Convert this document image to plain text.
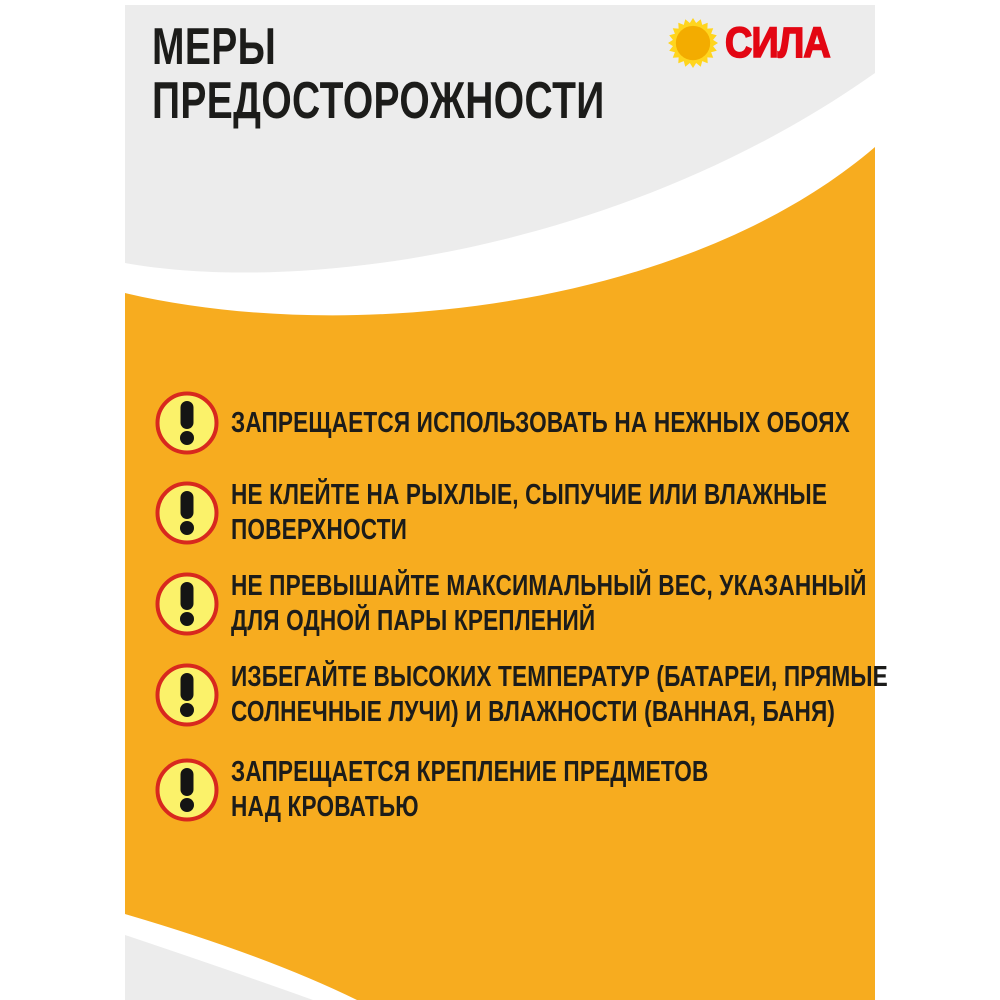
МЕРЫ
ПРЕДОСТОРОЖНОСТИ
СИЛА
ЗАПРЕЩАЕТСЯ ИСПОЛЬЗОВАТЬ НА НЕЖНЫХ ОБОЯХ
НЕ КЛЕЙТЕ НА РЫХЛЫЕ, СЫПУЧИЕ ИЛИ ВЛАЖНЫЕ
ПОВЕРХНОСТИ
НЕ ПРЕВЫШАЙТЕ МАКСИМАЛЬНЫЙ ВЕС, УКАЗАННЫЙ
ДЛЯ ОДНОЙ ПАРЫ КРЕПЛЕНИЙ
ИЗБЕГАЙТЕ ВЫСОКИХ ТЕМПЕРАТУР (БАТАРЕИ, ПРЯМЫЕ
СОЛНЕЧНЫЕ ЛУЧИ) И ВЛАЖНОСТИ (ВАННАЯ, БАНЯ)
ЗАПРЕЩАЕТСЯ КРЕПЛЕНИЕ ПРЕДМЕТОВ
НАД КРОВАТЬЮ
